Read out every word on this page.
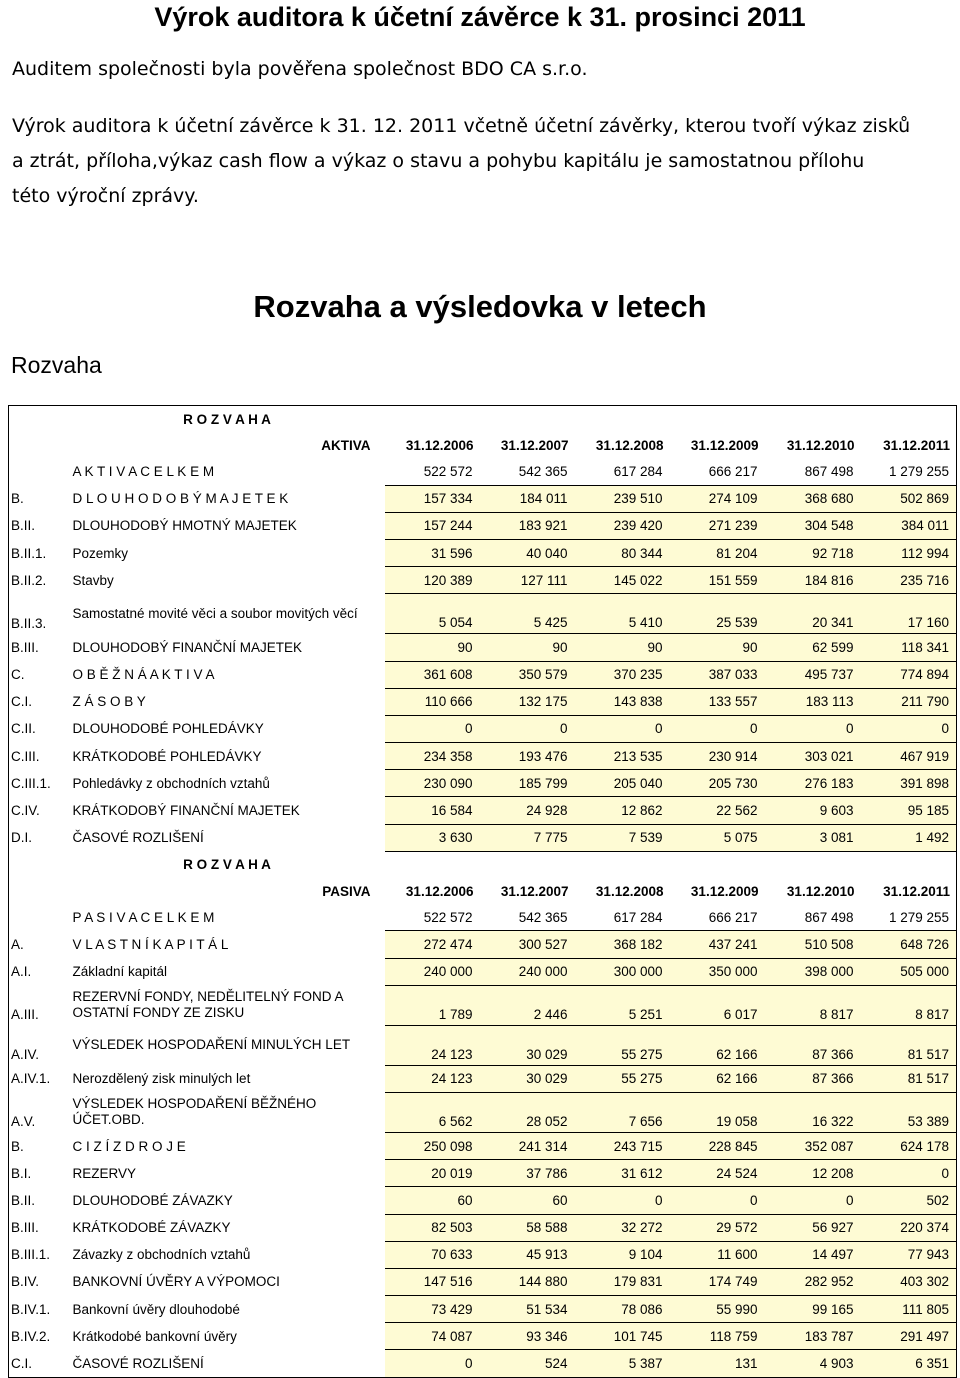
Výrok auditora k účetní závěrce k 31. prosinci 2011

Auditem společnosti byla pověřena společnost BDO CA s.r.o.

Výrok auditora k účetní závěrce k 31. 12. 2011 včetně účetní závěrky, kterou tvoří výkaz zisků

a ztrát, příloha,výkaz cash flow a výkaz o stavu a pohybu kapitálu je samostatnou přílohu

této výroční zprávy.

Rozvaha a výsledovka v letech
Rozvaha
	R O Z V A H A						
	AKTIVA	31.12.2006	31.12.2007	31.12.2008	31.12.2009	31.12.2010	31.12.2011
	A K T I V A C E L K E M	522 572	542 365	617 284	666 217	867 498	1 279 255
B.	D L O U H O D O B Ý M A J E T E K	157 334	184 011	239 510	274 109	368 680	502 869
B.II.	DLOUHODOBÝ HMOTNÝ MAJETEK	157 244	183 921	239 420	271 239	304 548	384 011
B.II.1.	Pozemky	31 596	40 040	80 344	81 204	92 718	112 994
B.II.2.	Stavby	120 389	127 111	145 022	151 559	184 816	235 716
B.II.3.	Samostatné movité věci a soubor movitých věcí	5 054	5 425	5 410	25 539	20 341	17 160
B.III.	DLOUHODOBÝ FINANČNÍ MAJETEK	90	90	90	90	62 599	118 341
C.	O B Ě Ž N Á A K T I V A	361 608	350 579	370 235	387 033	495 737	774 894
C.I.	Z Á S O B Y	110 666	132 175	143 838	133 557	183 113	211 790
C.II.	DLOUHODOBÉ POHLEDÁVKY	0	0	0	0	0	0
C.III.	KRÁTKODOBÉ POHLEDÁVKY	234 358	193 476	213 535	230 914	303 021	467 919
C.III.1.	Pohledávky z obchodních vztahů	230 090	185 799	205 040	205 730	276 183	391 898
C.IV.	KRÁTKODOBÝ FINANČNÍ MAJETEK	16 584	24 928	12 862	22 562	9 603	95 185
D.I.	ČASOVÉ ROZLIŠENÍ	3 630	7 775	7 539	5 075	3 081	1 492
	R O Z V A H A						
	PASIVA	31.12.2006	31.12.2007	31.12.2008	31.12.2009	31.12.2010	31.12.2011
	P A S I V A C E L K E M	522 572	542 365	617 284	666 217	867 498	1 279 255
A.	V L A S T N Í K A P I T Á L	272 474	300 527	368 182	437 241	510 508	648 726
A.I.	Základní kapitál	240 000	240 000	300 000	350 000	398 000	505 000
A.III.	REZERVNÍ FONDY, NEDĚLITELNÝ FOND A OSTATNÍ FONDY ZE ZISKU	1 789	2 446	5 251	6 017	8 817	8 817
A.IV.	VÝSLEDEK HOSPODAŘENÍ MINULÝCH LET	24 123	30 029	55 275	62 166	87 366	81 517
A.IV.1.	Nerozdělený zisk minulých let	24 123	30 029	55 275	62 166	87 366	81 517
A.V.	VÝSLEDEK HOSPODAŘENÍ BĚŽNÉHO ÚČET.OBD.	6 562	28 052	7 656	19 058	16 322	53 389
B.	C I Z Í Z D R O J E	250 098	241 314	243 715	228 845	352 087	624 178
B.I.	REZERVY	20 019	37 786	31 612	24 524	12 208	0
B.II.	DLOUHODOBÉ ZÁVAZKY	60	60	0	0	0	502
B.III.	KRÁTKODOBÉ ZÁVAZKY	82 503	58 588	32 272	29 572	56 927	220 374
B.III.1.	Závazky z obchodních vztahů	70 633	45 913	9 104	11 600	14 497	77 943
B.IV.	BANKOVNÍ ÚVĚRY A VÝPOMOCI	147 516	144 880	179 831	174 749	282 952	403 302
B.IV.1.	Bankovní úvěry dlouhodobé	73 429	51 534	78 086	55 990	99 165	111 805
B.IV.2.	Krátkodobé bankovní úvěry	74 087	93 346	101 745	118 759	183 787	291 497
C.I.	ČASOVÉ ROZLIŠENÍ	0	524	5 387	131	4 903	6 351
